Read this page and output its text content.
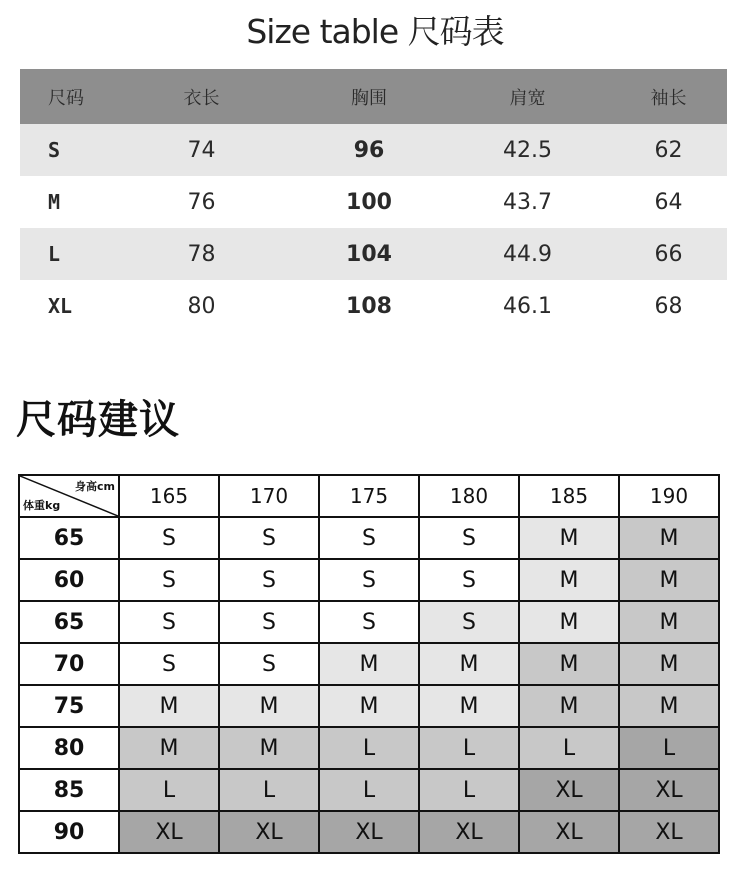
Size table 尺码表
尺码	衣长	胸围	肩宽	袖长
S	74	96	42.5	62
M	76	100	43.7	64
L	78	104	44.9	66
XL	80	108	46.1	68
尺码建议
身高cm
体重kg	165	170	175	180	185	190
65	S	S	S	S	M	M
60	S	S	S	S	M	M
65	S	S	S	S	M	M
70	S	S	M	M	M	M
75	M	M	M	M	M	M
80	M	M	L	L	L	L
85	L	L	L	L	XL	XL
90	XL	XL	XL	XL	XL	XL
